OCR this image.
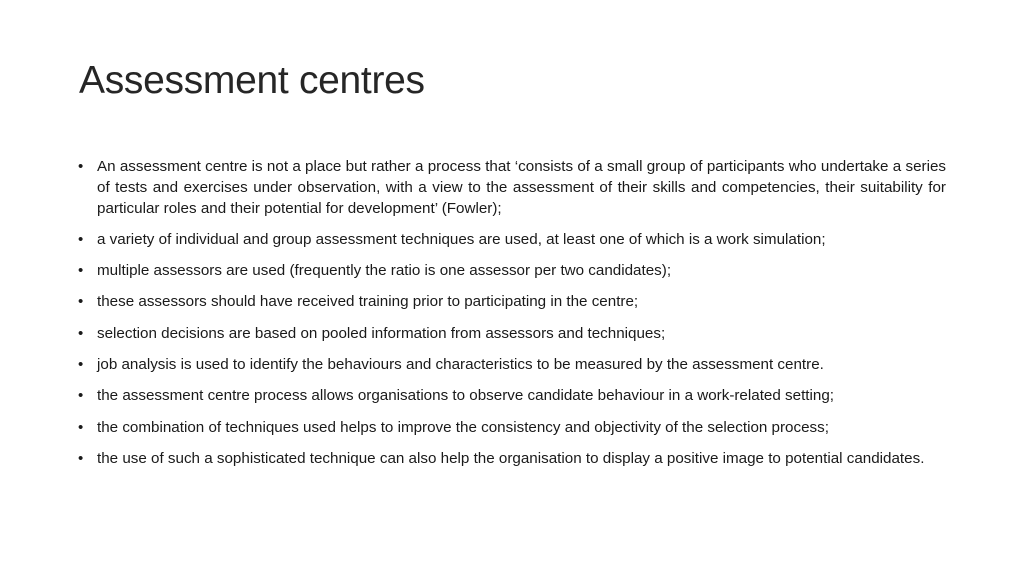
Assessment centres
• An assessment centre is not a place but rather a process that ‘consists of a small group of participants who undertake a series of tests and exercises under observation, with a view to the assessment of their skills and competencies, their suitability for particular roles and their potential for development’ (Fowler);
• a variety of individual and group assessment techniques are used, at least one of which is a work simulation;
• multiple assessors are used (frequently the ratio is one assessor per two candidates);
• these assessors should have received training prior to participating in the centre;
• selection decisions are based on pooled information from assessors and techniques;
• job analysis is used to identify the behaviours and characteristics to be measured by the assessment centre.
• the assessment centre process allows organisations to observe candidate behaviour in a work-related setting;
• the combination of techniques used helps to improve the consistency and objectivity of the selection process;
• the use of such a sophisticated technique can also help the organisation to display a positive image to potential candidates.
